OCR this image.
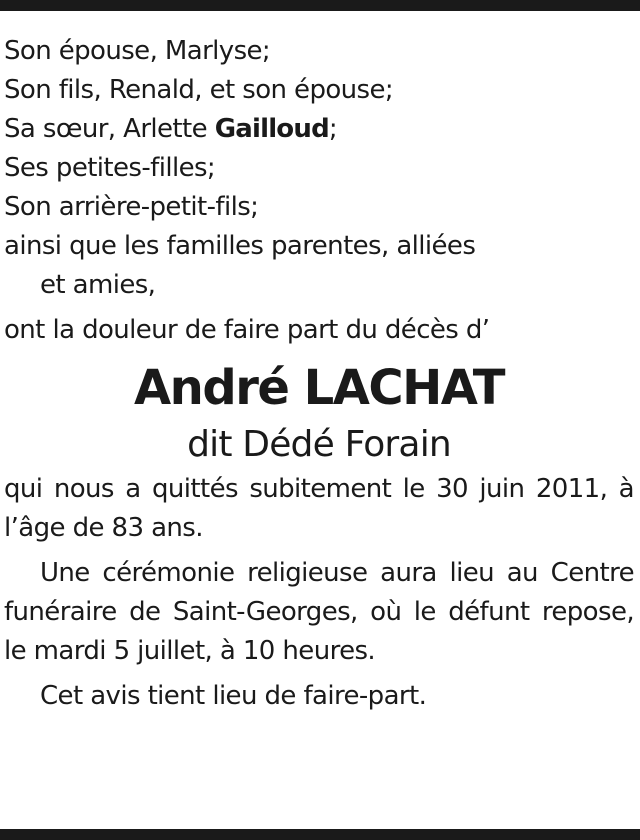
Son épouse, Marlyse;
Son fils, Renald, et son épouse;
Sa sœur, Arlette Gailloud;
Ses petites-filles;
Son arrière-petit-fils;
ainsi que les familles parentes, alliées
et amies,
ont la douleur de faire part du décès d’
André LACHAT
dit Dédé Forain
qui nous a quittés subitement le 30 juin 2011, à l’âge de 83 ans.
Une cérémonie religieuse aura lieu au Centre funéraire de Saint-Georges, où le défunt repose, le mardi 5 juillet, à 10 heures.
Cet avis tient lieu de faire-part.
